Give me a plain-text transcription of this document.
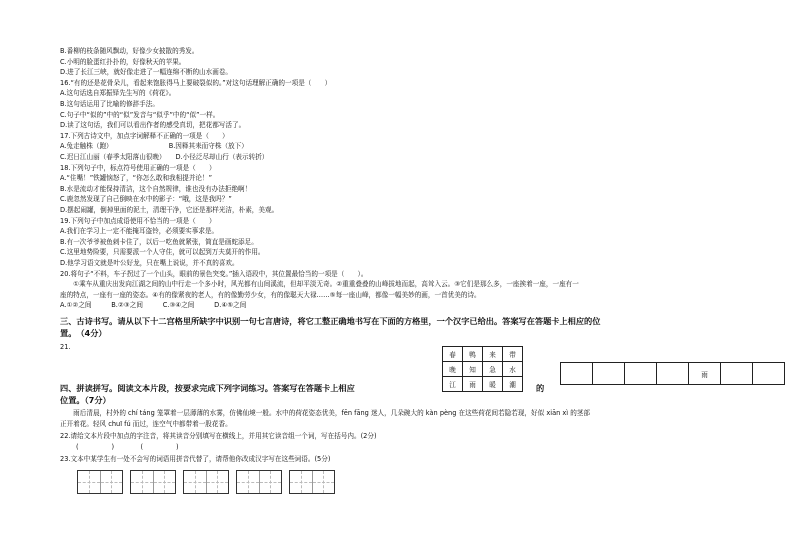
B.番柳的枝条随风飘动，好像少女披散的秀发。
C.小明的脸蛋红扑扑的，好像秋天的苹果。
D.进了长江三峡，就好像走进了一幅连绵不断的山水画卷。
16.“有的还是花骨朵儿，看起来饱胀得马上要破裂似的。”对这句话理解正确的一项是（　　）
A.这句话选自郑振铎先生写的《荷花》。
B.这句话运用了比喻的修辞手法。
C.句子中“似的”中的“似”发音与“似乎”中的“似”一样。
D.读了这句话，我们可以看出作者的感受真切，把花都写活了。
17.下列古诗文中，加点字词解释不正确的一项是（　　）
A.兔走触株（跑）　　　　　　　　　B.因释其耒而守株（放下）
C.迟日江山丽（春季太阳落山很晚）　　D.小径泛尽却山行（表示转折）
18.下列句子中，标点符号使用正确的一项是（　　）
A.“住嘴！”铁罐恼怒了，“你怎么敢和我相提并论！”
B.水是流动才能保持清洁，这个自然规律，谁也没有办法拒绝啊！
C.鹿忽然发现了自己倒映在水中的影子：“哦，这是我吗？”
D.摆起闹罐，倒掉里面的泥土，清理干净，它还是那样光洁，朴素，美观。
19.下列句子中加点成语使用不恰当的一项是（　　）
A.我们在学习上一定不能掩耳盗铃，必须要实事求是。
B.有一次爷爷被鱼刺卡住了，以后一吃鱼就紧张，简直是画蛇添足。
C.这里地势险要，只需要派一个人守住，就可以起到万夫莫开的作用。
D.他学习语文就是叶公好龙，只在嘴上说说，并不真的喜欢。
20.将句子“不料，车子拐过了一个山头，眼前的景色突变。”插入语段中，其位置最恰当的一项是（　　）。
　　①乘车从重庆出发向江湖之间的山中行走一个多小时，风光都有山间溪流，但却平淡无奇。②重重叠叠的山峰拔地而起，高耸入云。③它们是那么多，一座挨着一座，一座有一
座的特点，一座有一座的姿态。④有的像紧夜的老人，有的像勤劳少女，有的像聪天大禄……⑤每一座山峰，都像一幅美妙的画，一首优美的诗。
A.①②之间　　　B.②③之间　　　C.③④之间　　　D.④⑤之间
三、古诗书写。请从以下十二宫格里所缺字中识别一句七言唐诗，将它工整正确地书写在下面的方格里，一个汉字已给出。答案写在答题卡上相应的位
置。　（4分）
21.
春	鸭	来	带
晚	知	急	水
江	雨	暖	潮
				雨		
四、拼读拼写。阅读文本片段，按要求完成下列字词练习。答案写在答题卡上相应	的
位置。（7分）
　　雨后清晨，村外的 chí táng 笼罩着一层薄薄的水雾，仿佛仙境一般。水中的荷花姿态优美，fēn fāng 迷人，几朵碗大的 kàn pèng 在这些荷花间若隐若现，好似 xiān xì 的茎部
正开着花。轻风 chuī fú 而过，连空气中都带着一股花香。
22.请给文本片段中加点的字注音，将其读音分别填写在横线上，并用其它读音组一个词，写在括号内。(2分)
(　　　　　)　　　　(　　　　　)
23.文本中某学生有一处不会写的词语用拼音代替了，请帮他你改成汉字写在这些词语。(5分)
